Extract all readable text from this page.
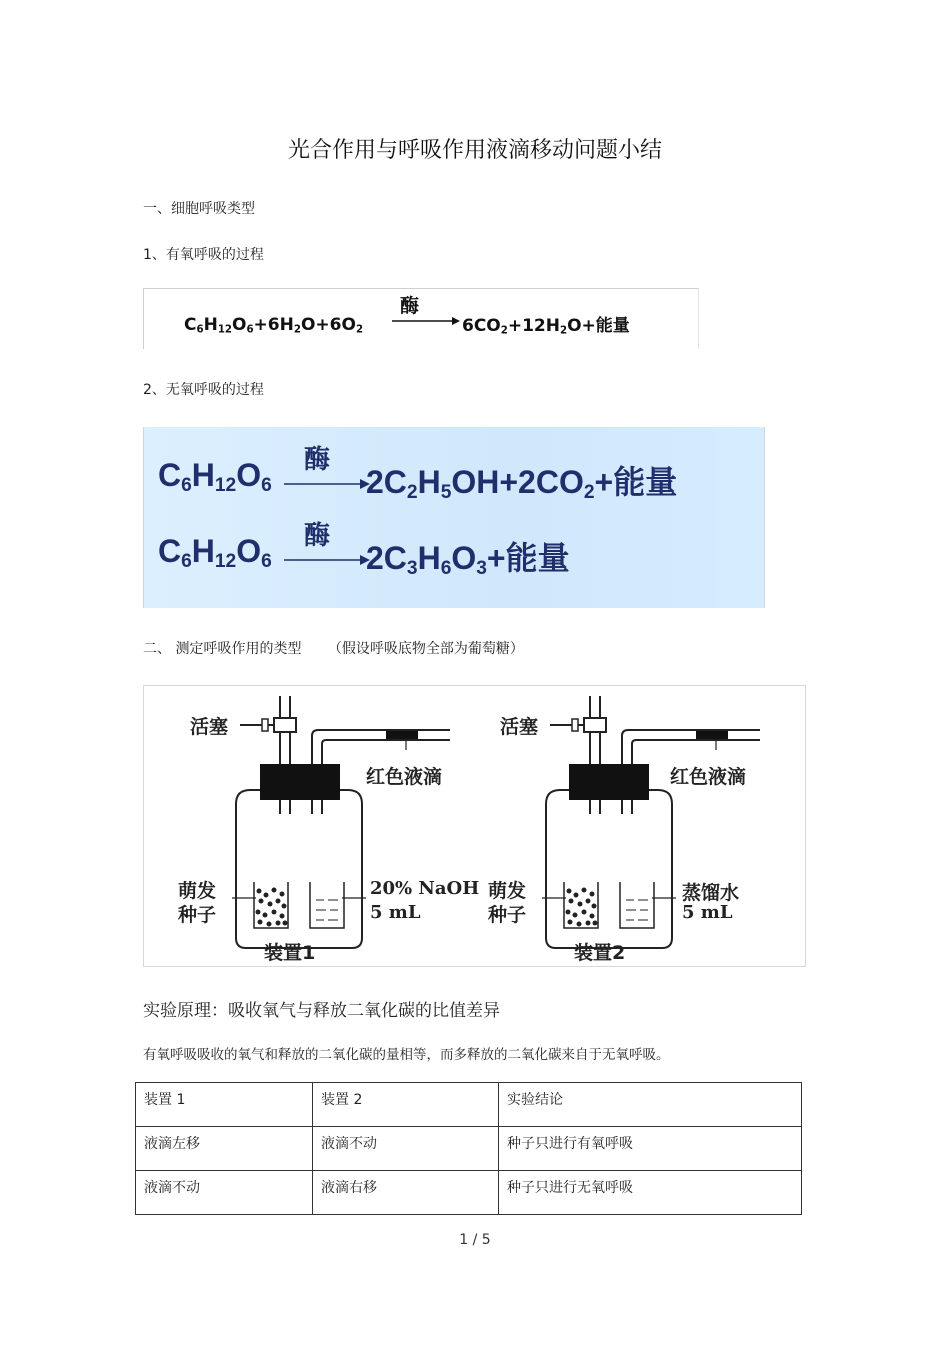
光合作用与呼吸作用液滴移动问题小结
一、细胞呼吸类型
1、有氧呼吸的过程
$C_6H_{12}O_6+6H_2O+6O_2$
酶
$6CO_2+12H_2O+$能量
2、无氧呼吸的过程
$C_6H_{12}O_6$
酶
$2C_2H_5OH+2CO_2+$能量
$C_6H_{12}O_6$
酶
$2C_3H_6O_3+$能量
二、 测定呼吸作用的类型 （假设呼吸底物全部为葡萄糖）
活塞
红色液滴
萌发
种子
20% NaOH
5 mL
装置1
活塞
红色液滴
萌发
种子
蒸馏水
5 mL
装置2
实验原理：吸收氧气与释放二氧化碳的比值差异
有氧呼吸吸收的氧气和释放的二氧化碳的量相等，而多释放的二氧化碳来自于无氧呼吸。
装置 1	装置 2	实验结论
液滴左移	液滴不动	种子只进行有氧呼吸
液滴不动	液滴右移	种子只进行无氧呼吸
1 / 5
